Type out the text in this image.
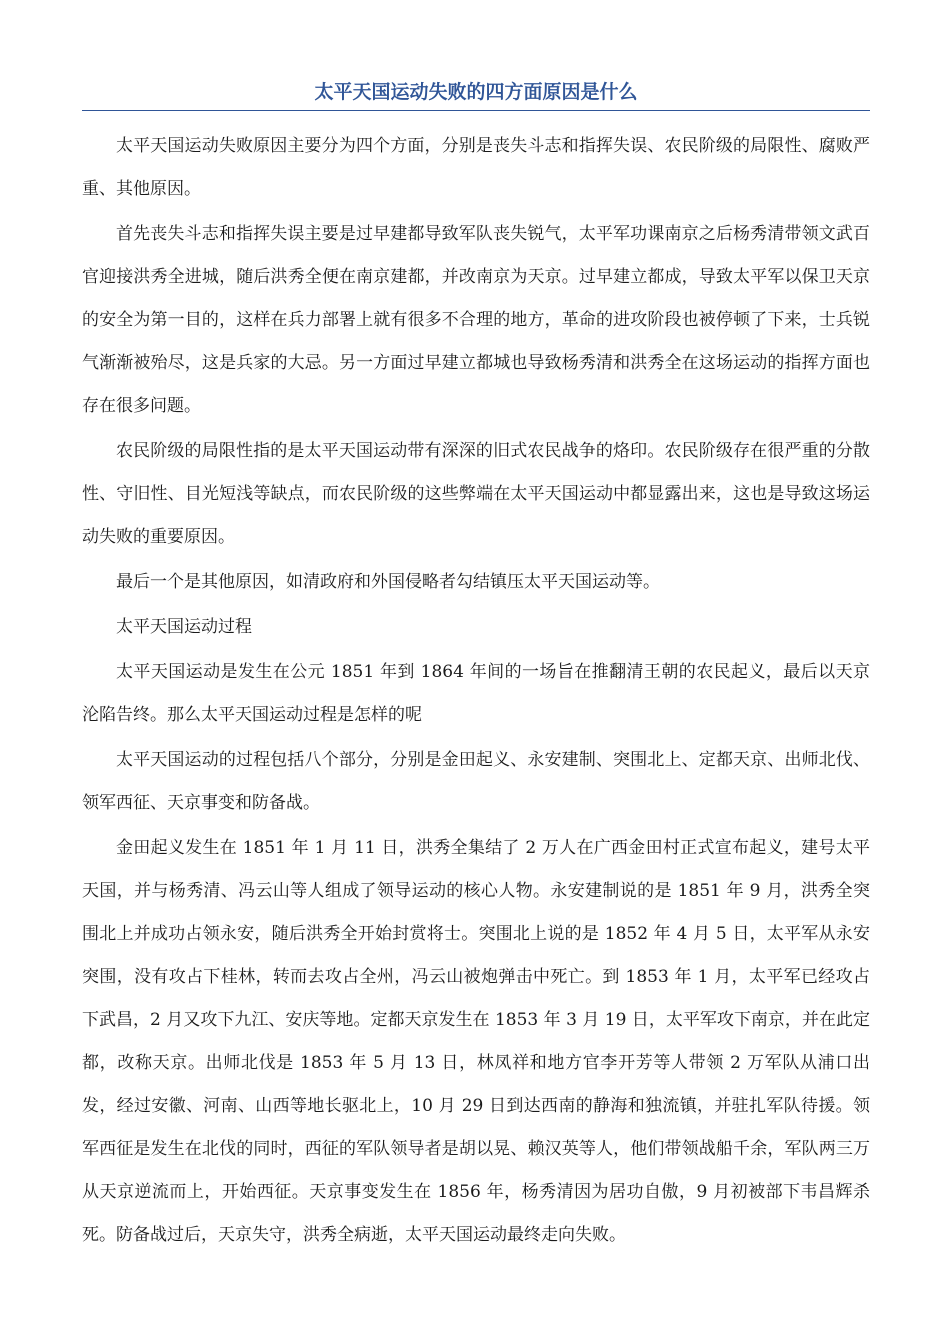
太平天国运动失败的四方面原因是什么

太平天国运动失败原因主要分为四个方面，分别是丧失斗志和指挥失误、农民阶级的局限性、腐败严重、其他原因。

首先丧失斗志和指挥失误主要是过早建都导致军队丧失锐气，太平军功课南京之后杨秀清带领文武百官迎接洪秀全进城，随后洪秀全便在南京建都，并改南京为天京。过早建立都成，导致太平军以保卫天京的安全为第一目的，这样在兵力部署上就有很多不合理的地方，革命的进攻阶段也被停顿了下来，士兵锐气渐渐被殆尽，这是兵家的大忌。另一方面过早建立都城也导致杨秀清和洪秀全在这场运动的指挥方面也存在很多问题。

农民阶级的局限性指的是太平天国运动带有深深的旧式农民战争的烙印。农民阶级存在很严重的分散性、守旧性、目光短浅等缺点，而农民阶级的这些弊端在太平天国运动中都显露出来，这也是导致这场运动失败的重要原因。

最后一个是其他原因，如清政府和外国侵略者勾结镇压太平天国运动等。

太平天国运动过程

太平天国运动是发生在公元 1851 年到 1864 年间的一场旨在推翻清王朝的农民起义，最后以天京沦陷告终。那么太平天国运动过程是怎样的呢

太平天国运动的过程包括八个部分，分别是金田起义、永安建制、突围北上、定都天京、出师北伐、领军西征、天京事变和防备战。

金田起义发生在 1851 年 1 月 11 日，洪秀全集结了 2 万人在广西金田村正式宣布起义，建号太平天国，并与杨秀清、冯云山等人组成了领导运动的核心人物。永安建制说的是 1851 年 9 月，洪秀全突围北上并成功占领永安，随后洪秀全开始封赏将士。突围北上说的是 1852 年 4 月 5 日，太平军从永安突围，没有攻占下桂林，转而去攻占全州，冯云山被炮弹击中死亡。到 1853 年 1 月，太平军已经攻占下武昌，2 月又攻下九江、安庆等地。定都天京发生在 1853 年 3 月 19 日，太平军攻下南京，并在此定都，改称天京。出师北伐是 1853 年 5 月 13 日，林凤祥和地方官李开芳等人带领 2 万军队从浦口出发，经过安徽、河南、山西等地长驱北上，10 月 29 日到达西南的静海和独流镇，并驻扎军队待援。领军西征是发生在北伐的同时，西征的军队领导者是胡以晃、赖汉英等人，他们带领战船千余，军队两三万从天京逆流而上，开始西征。天京事变发生在 1856 年，杨秀清因为居功自傲，9 月初被部下韦昌辉杀死。防备战过后，天京失守，洪秀全病逝，太平天国运动最终走向失败。
